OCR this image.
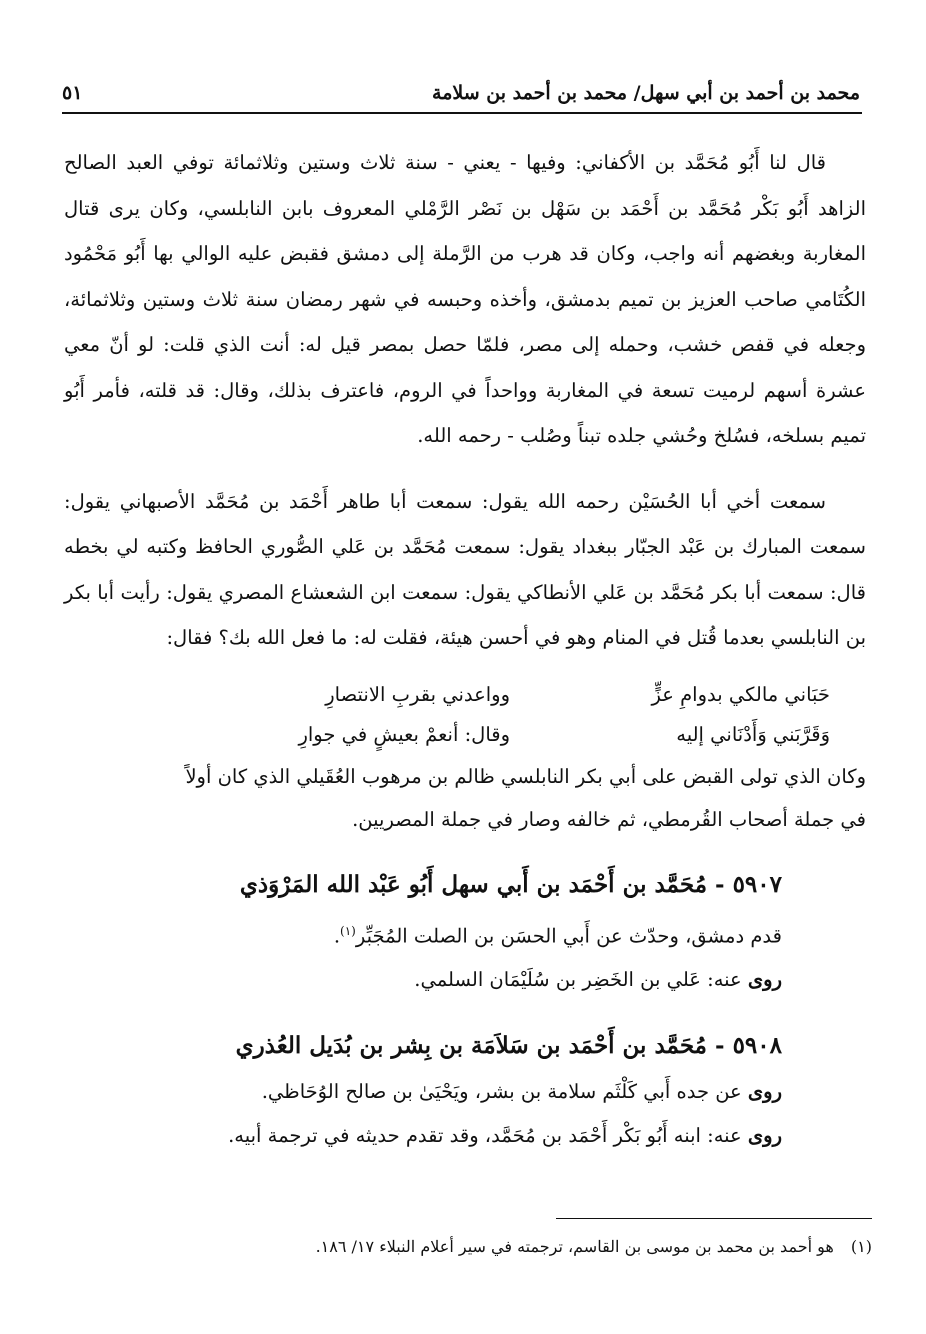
محمد بن أحمد بن أبي سهل/ محمد بن أحمد بن سلامة
٥١

قال لنا أَبُو مُحَمَّد بن الأكفاني: وفيها - يعني - سنة ثلاث وستين وثلاثمائة توفي العبد الصالح الزاهد أَبُو بَكْر مُحَمَّد بن أَحْمَد بن سَهْل بن نَصْر الرَّمْلي المعروف بابن النابلسي، وكان يرى قتال المغاربة وبغضهم أنه واجب، وكان قد هرب من الرَّملة إلى دمشق فقبض عليه الوالي بها أَبُو مَحْمُود الكُتَامي صاحب العزيز بن تميم بدمشق، وأخذه وحبسه في شهر رمضان سنة ثلاث وستين وثلاثمائة، وجعله في قفص خشب، وحمله إلى مصر، فلمّا حصل بمصر قيل له: أنت الذي قلت: لو أنّ معي عشرة أسهم لرميت تسعة في المغاربة وواحداً في الروم، فاعترف بذلك، وقال: قد قلته، فأمر أَبُو تميم بسلخه، فسُلخ وحُشي جلده تبناً وصُلب - رحمه الله.

سمعت أخي أبا الحُسَيْن رحمه الله يقول: سمعت أبا طاهر أَحْمَد بن مُحَمَّد الأصبهاني يقول: سمعت المبارك بن عَبْد الجبّار ببغداد يقول: سمعت مُحَمَّد بن عَلي الصُّوري الحافظ وكتبه لي بخطه قال: سمعت أبا بكر مُحَمَّد بن عَلي الأنطاكي يقول: سمعت ابن الشعشاع المصري يقول: رأيت أبا بكر بن النابلسي بعدما قُتل في المنام وهو في أحسن هيئة، فقلت له: ما فعل الله بك؟ فقال:

حَبَاني مالكي بدوامِ عزٍّ
وواعدني بقربِ الانتصارِ
وَقَرَّبَني وَأَدْنَاني إليه
وقال: أنعمْ بعيشٍ في جوارِ

وكان الذي تولى القبض على أبي بكر النابلسي ظالم بن مرهوب العُقَيلي الذي كان أولاً

في جملة أصحاب القُرمطي، ثم خالفه وصار في جملة المصريين.

٥٩٠٧ - مُحَمَّد بن أَحْمَد بن أَبي سهل أَبُو عَبْد الله المَرْوَذي
قدم دمشق، وحدّث عن أَبي الحسَن بن الصلت المُجَبِّر$^{(١)}$.
روى عنه: عَلي بن الخَضِر بن سُلَيْمَان السلمي.
٥٩٠٨ - مُحَمَّد بن أَحْمَد بن سَلاَمَة بن بِشر بن بُدَيل العُذري
روى عن جده أَبي كَلْثَم سلامة بن بشر، ويَحْيَىٰ بن صالح الوُحَاظي.
روى عنه: ابنه أَبُو بَكْر أَحْمَد بن مُحَمَّد، وقد تقدم حديثه في ترجمة أبيه.
(١) هو أحمد بن محمد بن موسى بن القاسم، ترجمته في سير أعلام النبلاء ١٧/ ١٨٦.
